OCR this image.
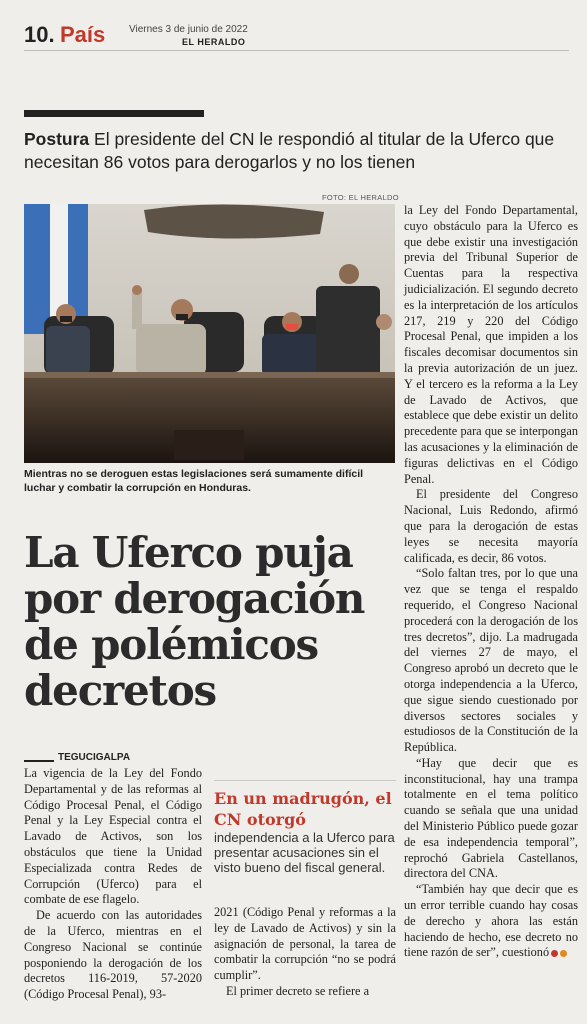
10. País Viernes 3 de junio de 2022
EL HERALDO
Postura El presidente del CN le respondió al titular de la Uferco que necesitan 86 votos para derogarlos y no los tienen
FOTO: EL HERALDO
Mientras no se deroguen estas legislaciones será sumamente difícil luchar y combatir la corrupción en Honduras.
La Uferco puja por derogación de polémicos decretos
TEGUCIGALPA

La vigencia de la Ley del Fondo Departamental y de las reformas al Código Procesal Penal, el Código Penal y la Ley Especial contra el Lavado de Activos, son los obstáculos que tiene la Unidad Especializada contra Redes de Corrupción (Uferco) para el combate de ese flagelo.

De acuerdo con las autoridades de la Uferco, mientras en el Congreso Nacional se continúe posponiendo la derogación de los decretos 116-2019, 57-2020 (Código Procesal Penal), 93-

En un madrugón, el CN otorgó
independencia a la Uferco para presentar acusaciones sin el visto bueno del fiscal general.

2021 (Código Penal y reformas a la ley de Lavado de Activos) y sin la asignación de personal, la tarea de combatir la corrupción “no se podrá cumplir”.

El primer decreto se refiere a

la Ley del Fondo Departamental, cuyo obstáculo para la Uferco es que debe existir una investigación previa del Tribunal Superior de Cuentas para la respectiva judicialización. El segundo decreto es la interpretación de los artículos 217, 219 y 220 del Código Procesal Penal, que impiden a los fiscales decomisar documentos sin la previa autorización de un juez. Y el tercero es la reforma a la Ley de Lavado de Activos, que establece que debe existir un delito precedente para que se interpongan las acusaciones y la eliminación de figuras delictivas en el Código Penal.

El presidente del Congreso Nacional, Luis Redondo, afirmó que para la derogación de estas leyes se necesita mayoría calificada, es decir, 86 votos.

“Solo faltan tres, por lo que una vez que se tenga el respaldo requerido, el Congreso Nacional procederá con la derogación de los tres decretos”, dijo. La madrugada del viernes 27 de mayo, el Congreso aprobó un decreto que le otorga independencia a la Uferco, que sigue siendo cuestionado por diversos sectores sociales y estudiosos de la Constitución de la República.

“Hay que decir que es inconstitucional, hay una trampa totalmente en el tema político cuando se señala que una unidad del Ministerio Público puede gozar de esa independencia temporal”, reprochó Gabriela Castellanos, directora del CNA.

“También hay que decir que es un error terrible cuando hay cosas de derecho y ahora las están haciendo de hecho, ese decreto no tiene razón de ser”, cuestionó
